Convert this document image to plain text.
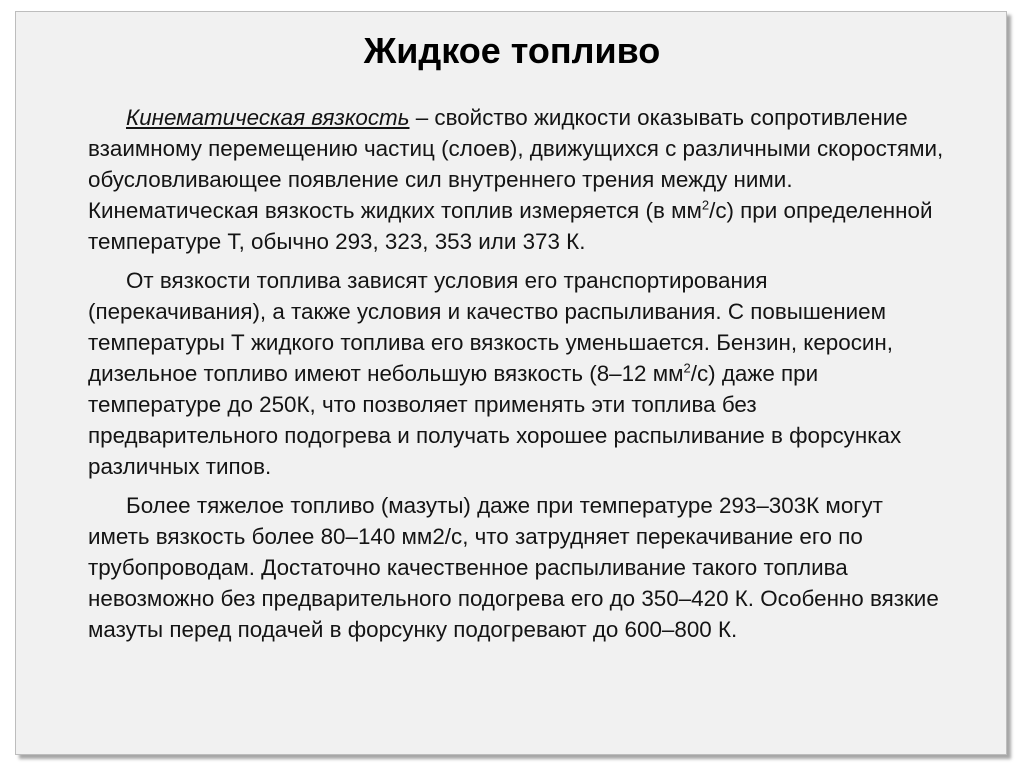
Жидкое топливо

Кинематическая вязкость – свойство жидкости оказывать сопротивление взаимному перемещению частиц (слоев), движущихся с различными скоростями, обусловливающее появление сил внутреннего трения между ними. Кинематическая вязкость жидких топлив измеряется (в $мм^2/с$) при определенной температуре Т, обычно 293, 323, 353 или 373 К.

От вязкости топлива зависят условия его транспортирования (перекачивания), а также условия и качество распыливания. С повышением температуры Т жидкого топлива его вязкость уменьшается. Бензин, керосин, дизельное топливо имеют небольшую вязкость (8–12 $мм^2/с$) даже при температуре до 250К, что позволяет применять эти топлива без предварительного подогрева и получать хорошее распыливание в форсунках различных типов.

Более тяжелое топливо (мазуты) даже при температуре 293–303К могут иметь вязкость более 80–140 мм2/с, что затрудняет перекачивание его по трубопроводам. Достаточно качественное распыливание такого топлива невозможно без предварительного подогрева его до 350–420 К. Особенно вязкие мазуты перед подачей в форсунку подогревают до 600–800 К.
